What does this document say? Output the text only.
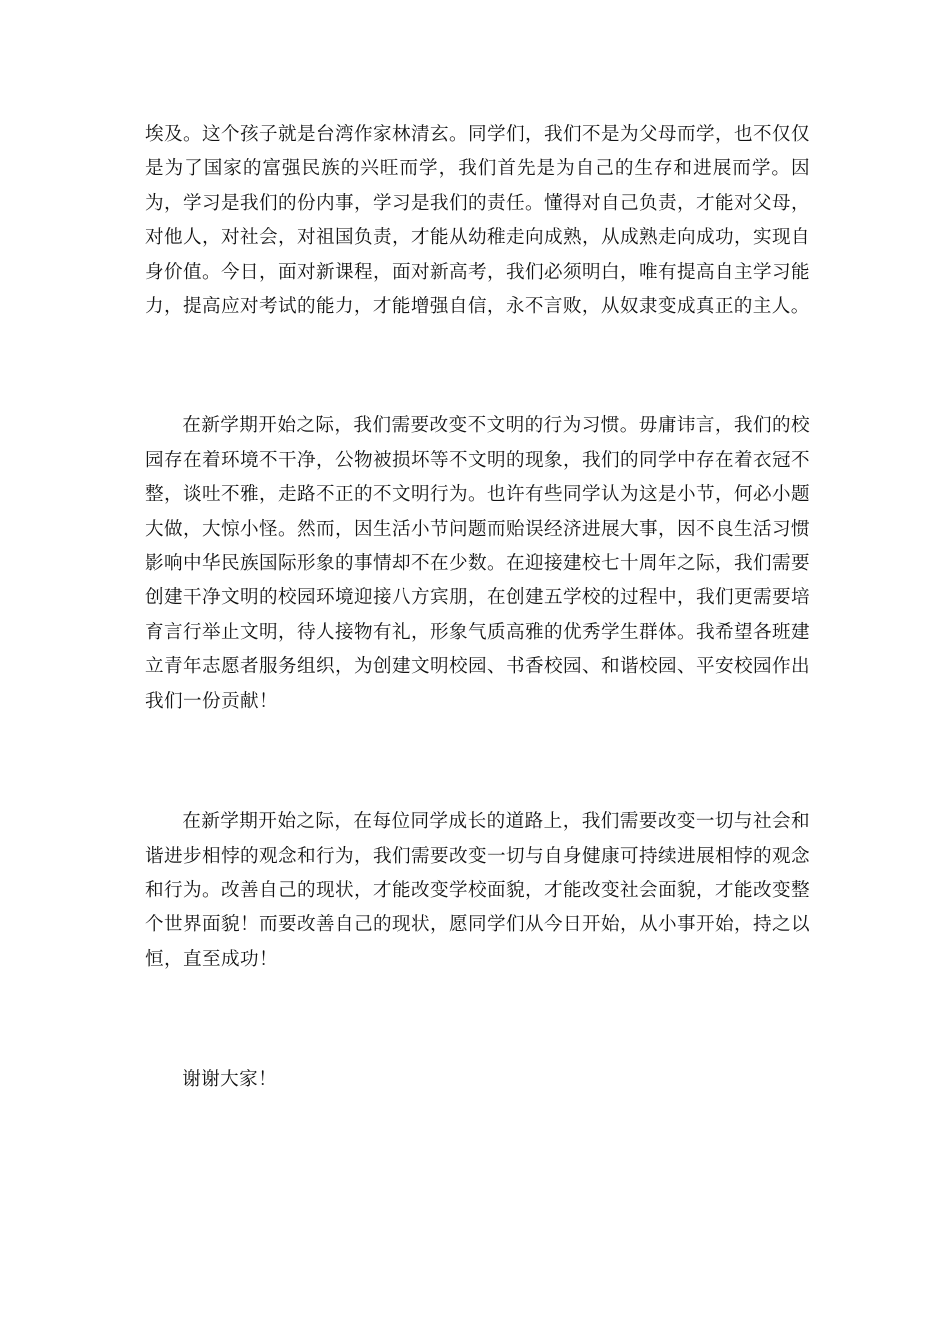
埃及。这个孩子就是台湾作家林清玄。同学们，我们不是为父母而学，也不仅仅是为了国家的富强民族的兴旺而学，我们首先是为自己的生存和进展而学。因为，学习是我们的份内事，学习是我们的责任。懂得对自己负责，才能对父母，对他人，对社会，对祖国负责，才能从幼稚走向成熟，从成熟走向成功，实现自身价值。今日，面对新课程，面对新高考，我们必须明白，唯有提高自主学习能力，提高应对考试的能力，才能增强自信，永不言败，从奴隶变成真正的主人。

在新学期开始之际，我们需要改变不文明的行为习惯。毋庸讳言，我们的校园存在着环境不干净，公物被损坏等不文明的现象，我们的同学中存在着衣冠不整，谈吐不雅，走路不正的不文明行为。也许有些同学认为这是小节，何必小题大做，大惊小怪。然而，因生活小节问题而贻误经济进展大事，因不良生活习惯影响中华民族国际形象的事情却不在少数。在迎接建校七十周年之际，我们需要创建干净文明的校园环境迎接八方宾朋，在创建五学校的过程中，我们更需要培育言行举止文明，待人接物有礼，形象气质高雅的优秀学生群体。我希望各班建立青年志愿者服务组织，为创建文明校园、书香校园、和谐校园、平安校园作出我们一份贡献！

在新学期开始之际，在每位同学成长的道路上，我们需要改变一切与社会和谐进步相悖的观念和行为，我们需要改变一切与自身健康可持续进展相悖的观念和行为。改善自己的现状，才能改变学校面貌，才能改变社会面貌，才能改变整个世界面貌！而要改善自己的现状，愿同学们从今日开始，从小事开始，持之以恒，直至成功！

谢谢大家！
